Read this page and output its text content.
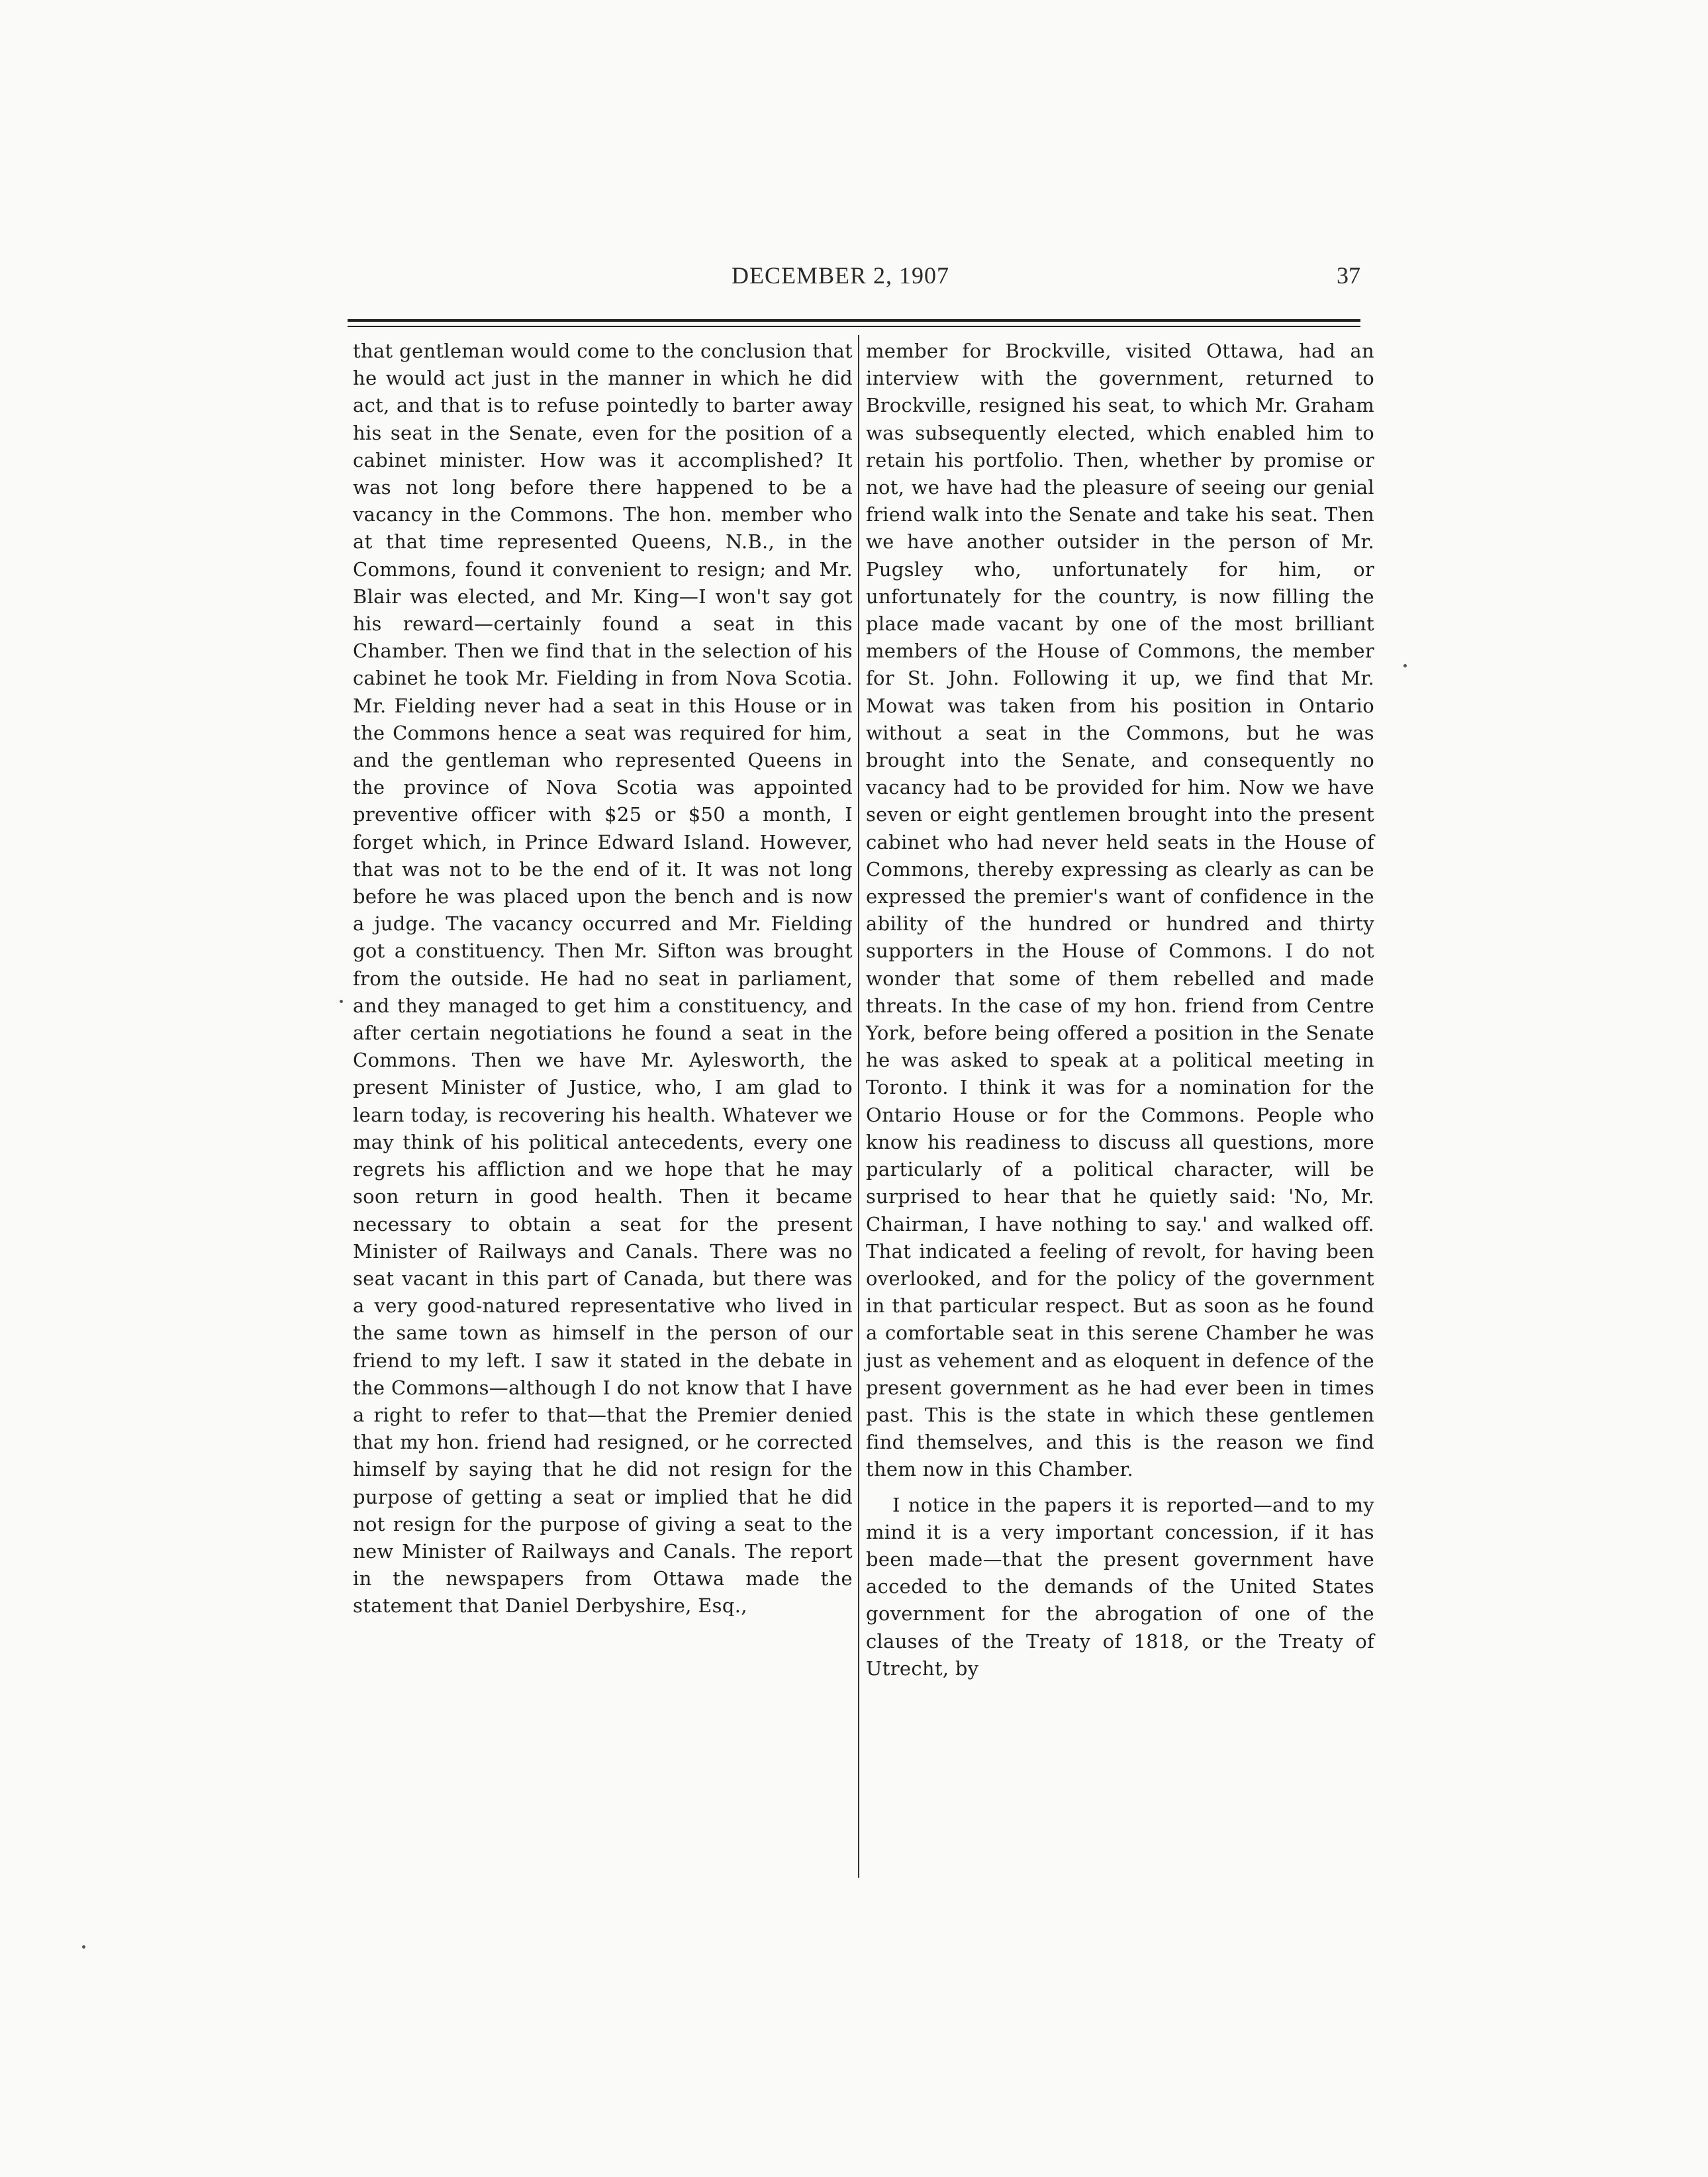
DECEMBER 2, 1907	37

that gentleman would come to the conclusion that he would act just in the manner in which he did act, and that is to refuse pointedly to barter away his seat in the Senate, even for the position of a cabinet minister. How was it accomplished? It was not long before there happened to be a vacancy in the Commons. The hon. member who at that time represented Queens, N.B., in the Commons, found it convenient to resign; and Mr. Blair was elected, and Mr. King—I won't say got his reward—certainly found a seat in this Chamber. Then we find that in the selection of his cabinet he took Mr. Fielding in from Nova Scotia. Mr. Fielding never had a seat in this House or in the Commons hence a seat was required for him, and the gentleman who represented Queens in the province of Nova Scotia was appointed preventive officer with $25 or $50 a month, I forget which, in Prince Edward Island. However, that was not to be the end of it. It was not long before he was placed upon the bench and is now a judge. The vacancy occurred and Mr. Fielding got a constituency. Then Mr. Sifton was brought from the outside. He had no seat in parliament, and they managed to get him a constituency, and after certain negotiations he found a seat in the Commons. Then we have Mr. Aylesworth, the present Minister of Justice, who, I am glad to learn today, is recovering his health. Whatever we may think of his political antecedents, every one regrets his affliction and we hope that he may soon return in good health. Then it became necessary to obtain a seat for the present Minister of Railways and Canals. There was no seat vacant in this part of Canada, but there was a very good-natured representative who lived in the same town as himself in the person of our friend to my left. I saw it stated in the debate in the Commons—although I do not know that I have a right to refer to that—that the Premier denied that my hon. friend had resigned, or he corrected himself by saying that he did not resign for the purpose of getting a seat or implied that he did not resign for the purpose of giving a seat to the new Minister of Railways and Canals. The report in the newspapers from Ottawa made the statement that Daniel Derbyshire, Esq.,

member for Brockville, visited Ottawa, had an interview with the government, returned to Brockville, resigned his seat, to which Mr. Graham was subsequently elected, which enabled him to retain his portfolio. Then, whether by promise or not, we have had the pleasure of seeing our genial friend walk into the Senate and take his seat. Then we have another outsider in the person of Mr. Pugsley who, unfortunately for him, or unfortunately for the country, is now filling the place made vacant by one of the most brilliant members of the House of Commons, the member for St. John. Following it up, we find that Mr. Mowat was taken from his position in Ontario without a seat in the Commons, but he was brought into the Senate, and consequently no vacancy had to be provided for him. Now we have seven or eight gentlemen brought into the present cabinet who had never held seats in the House of Commons, thereby expressing as clearly as can be expressed the premier's want of confidence in the ability of the hundred or hundred and thirty supporters in the House of Commons. I do not wonder that some of them rebelled and made threats. In the case of my hon. friend from Centre York, before being offered a position in the Senate he was asked to speak at a political meeting in Toronto. I think it was for a nomination for the Ontario House or for the Commons. People who know his readiness to discuss all questions, more particularly of a political character, will be surprised to hear that he quietly said: 'No, Mr. Chairman, I have nothing to say.' and walked off. That indicated a feeling of revolt, for having been overlooked, and for the policy of the government in that particular respect. But as soon as he found a comfortable seat in this serene Chamber he was just as vehement and as eloquent in defence of the present government as he had ever been in times past. This is the state in which these gentlemen find themselves, and this is the reason we find them now in this Chamber.

I notice in the papers it is reported—and to my mind it is a very important concession, if it has been made—that the present government have acceded to the demands of the United States government for the abrogation of one of the clauses of the Treaty of 1818, or the Treaty of Utrecht, by
